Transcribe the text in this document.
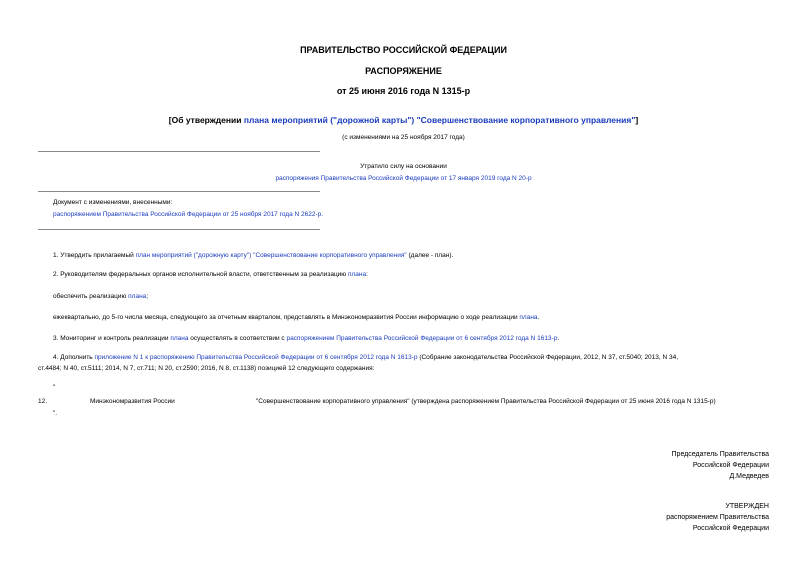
ПРАВИТЕЛЬСТВО РОССИЙСКОЙ ФЕДЕРАЦИИ
РАСПОРЯЖЕНИЕ
от 25 июня 2016 года N 1315-р
[Об утверждении плана мероприятий ("дорожной карты") "Совершенствование корпоративного управления"]
(с изменениями на 25 ноября 2017 года)
Утратило силу на основании
распоряжения Правительства Российской Федерации от 17 января 2019 года N 20-р
Документ с изменениями, внесенными:
распоряжением Правительства Российской Федерации от 25 ноября 2017 года N 2622-р.
1. Утвердить прилагаемый план мероприятий ("дорожную карту") "Совершенствование корпоративного управления" (далее - план).
2. Руководителям федеральных органов исполнительной власти, ответственным за реализацию плана:
обеспечить реализацию плана;
ежеквартально, до 5-го числа месяца, следующего за отчетным кварталом, представлять в Минэкономразвития России информацию о ходе реализации плана.
3. Мониторинг и контроль реализации плана осуществлять в соответствии с распоряжением Правительства Российской Федерации от 6 сентября 2012 года N 1613-р.
4. Дополнить приложение N 1 к распоряжению Правительства Российской Федерации от 6 сентября 2012 года N 1613-р (Собрание законодательства Российской Федерации, 2012, N 37, ст.5040; 2013, N 34,
ст.4484; N 40, ст.5111; 2014, N 7, ст.711; N 20, ст.2590; 2016, N 8, ст.1138) позицией 12 следующего содержания:
"
12.	Минэкономразвития России	"Совершенствование корпоративного управления" (утверждена распоряжением Правительства Российской Федерации от 25 июня 2016 года N 1315-р)
".
Председатель Правительства
Российской Федерации
Д.Медведев
УТВЕРЖДЕН
распоряжением Правительства
Российской Федерации
